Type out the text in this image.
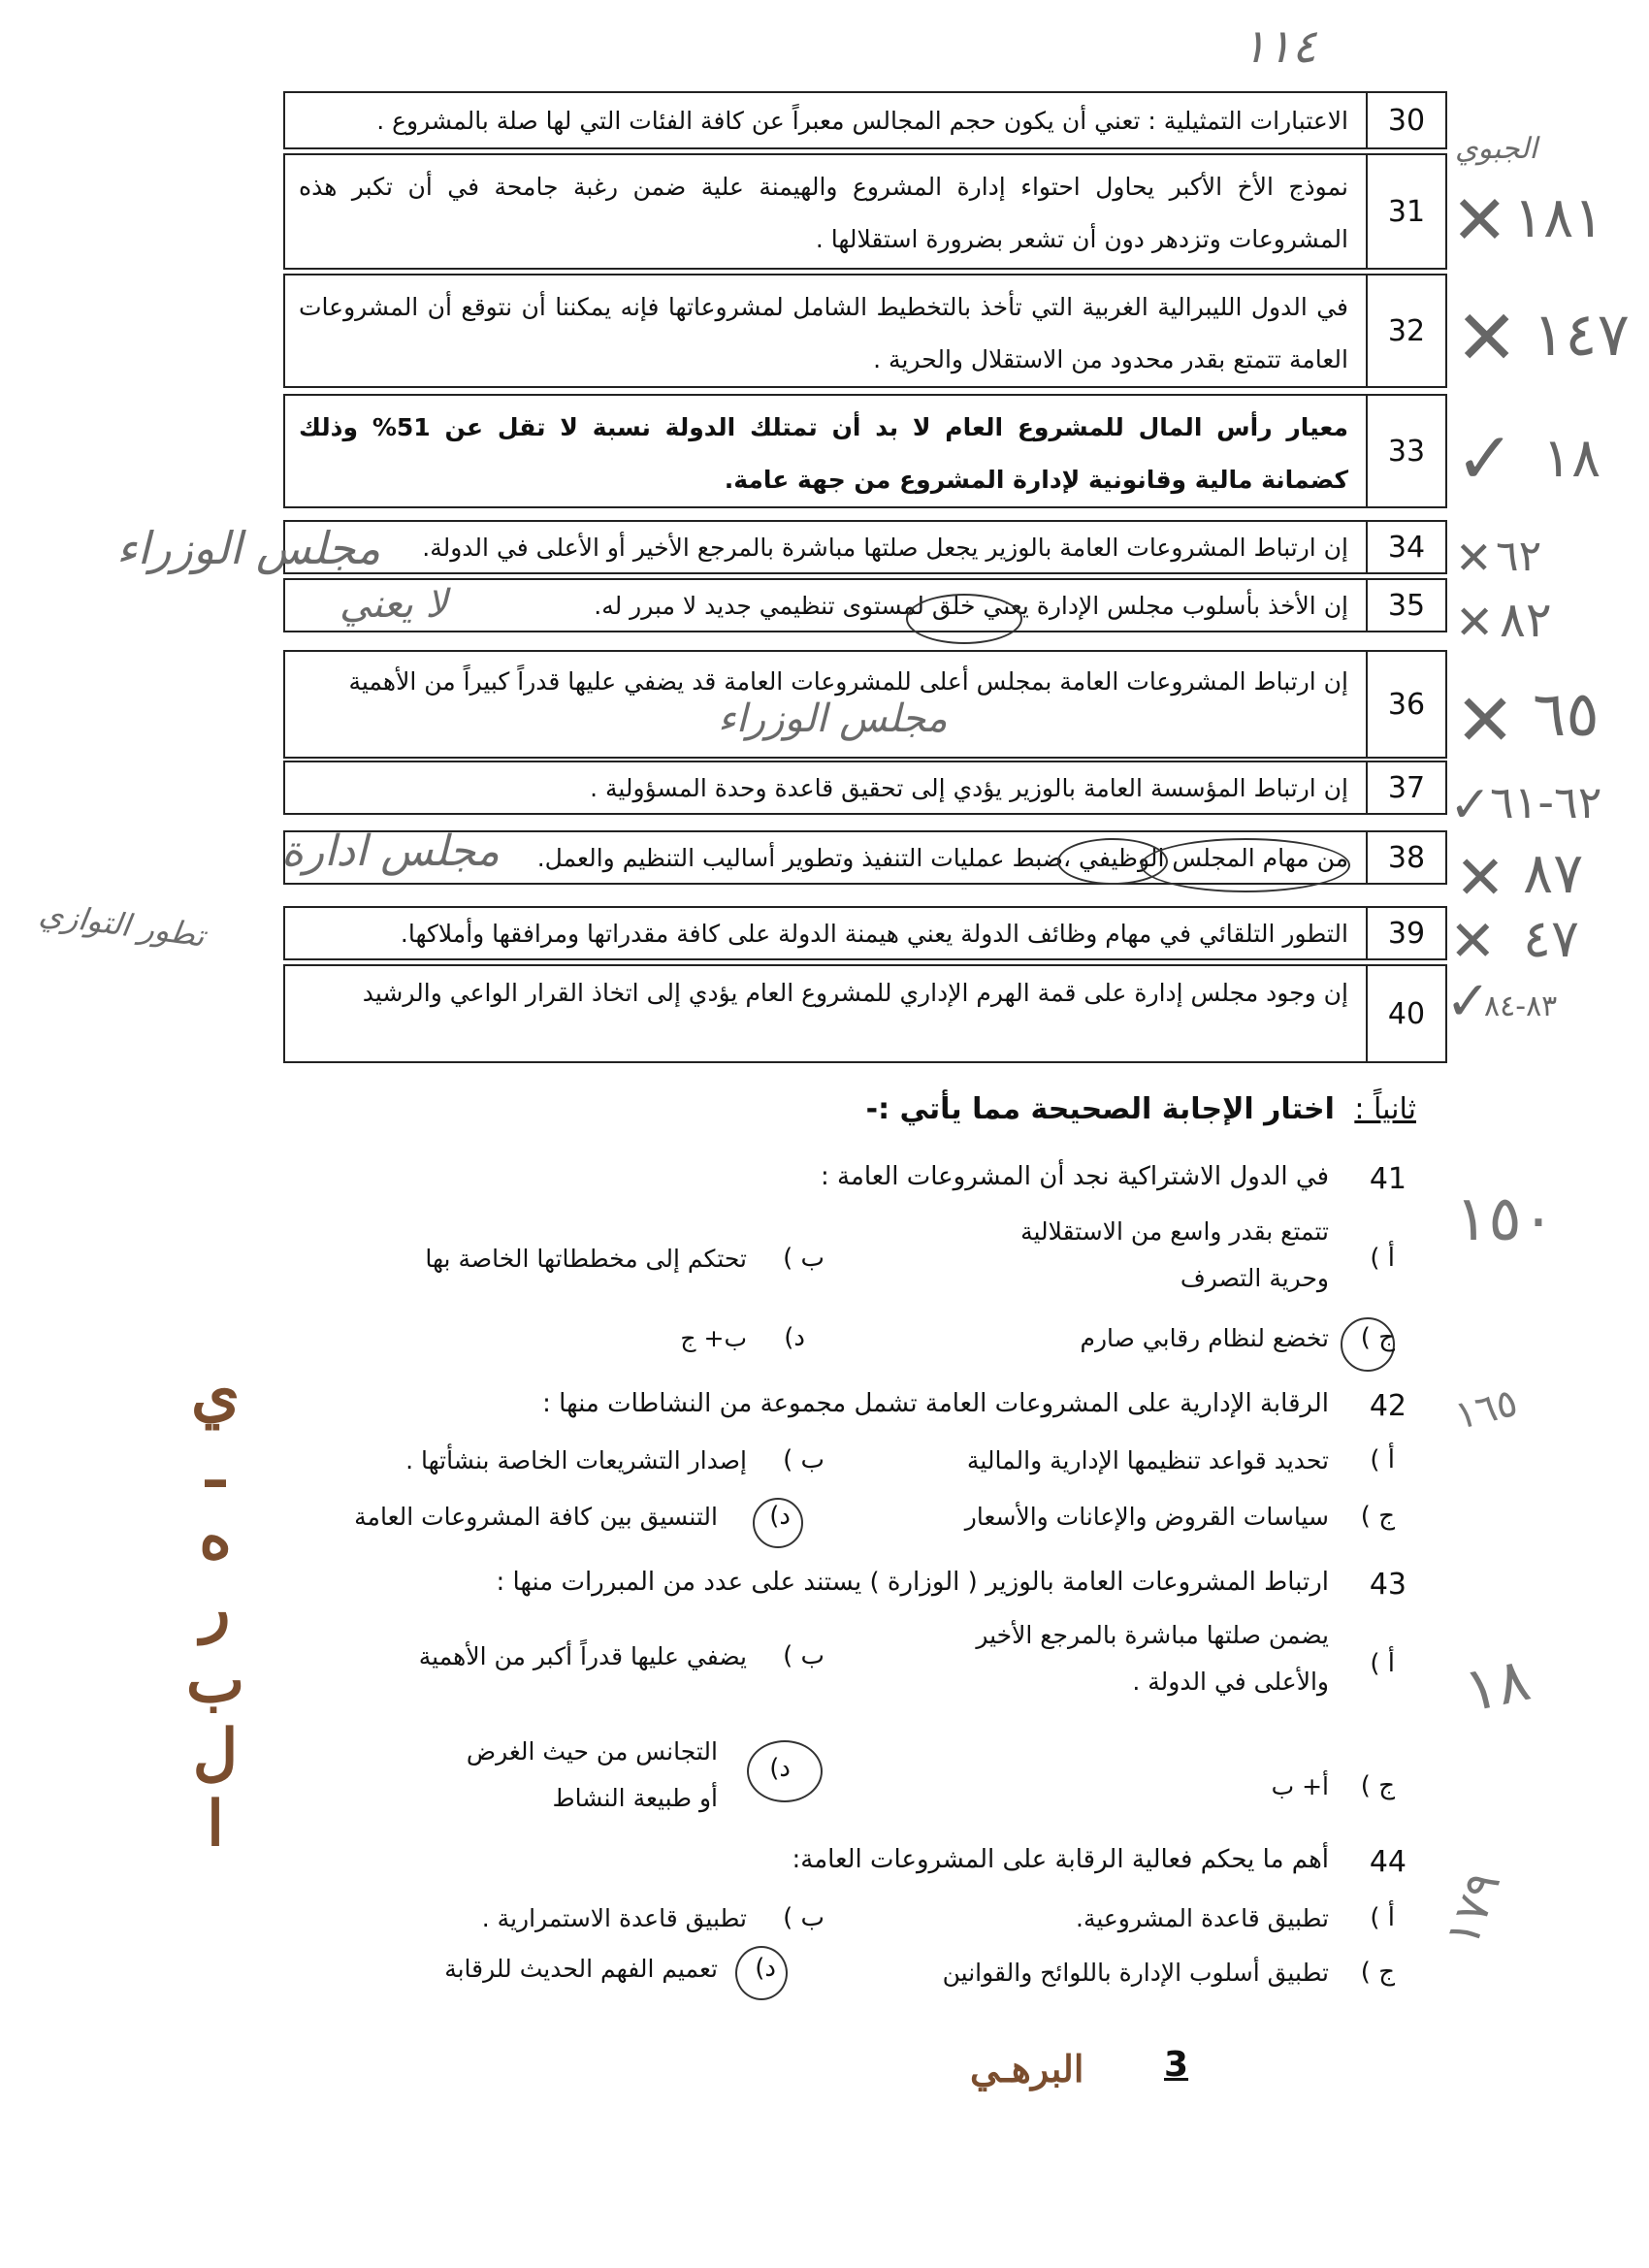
30
الاعتبارات التمثيلية : تعني أن يكون حجم المجالس معبراً عن كافة الفئات التي لها صلة بالمشروع .
31
نموذج الأخ الأكبر يحاول احتواء إدارة المشروع والهيمنة علية ضمن رغبة جامحة في أن تكبر هذه المشروعات وتزدهر دون أن تشعر بضرورة استقلالها .
32
في الدول الليبرالية الغربية التي تأخذ بالتخطيط الشامل لمشروعاتها فإنه يمكننا أن نتوقع أن المشروعات العامة تتمتع بقدر محدود من الاستقلال والحرية .
33
معيار رأس المال للمشروع العام لا بد أن تمتلك الدولة نسبة لا تقل عن 51% وذلك كضمانة مالية وقانونية لإدارة المشروع من جهة عامة.
34
إن ارتباط المشروعات العامة بالوزير يجعل صلتها مباشرة بالمرجع الأخير أو الأعلى في الدولة.
35
إن الأخذ بأسلوب مجلس الإدارة يعني خلق لمستوى تنظيمي جديد لا مبرر له.
36
إن ارتباط المشروعات العامة بمجلس أعلى للمشروعات العامة قد يضفي عليها قدراً كبيراً من الأهمية
37
إن ارتباط المؤسسة العامة بالوزير يؤدي إلى تحقيق قاعدة وحدة المسؤولية .
38
من مهام المجلس الوظيفي ،ضبط عمليات التنفيذ وتطوير أساليب التنظيم والعمل.
39
التطور التلقائي في مهام وظائف الدولة يعني هيمنة الدولة على كافة مقدراتها ومرافقها وأملاكها.
40
إن وجود مجلس إدارة على قمة الهرم الإداري للمشروع العام يؤدي إلى اتخاذ القرار الواعي والرشيد
ثانياً : اختار الإجابة الصحيحة مما يأتي :-
41
في الدول الاشتراكية نجد أن المشروعات العامة :
أ )
تتمتع بقدر واسع من الاستقلالية وحرية التصرف
ب )
تحتكم إلى مخططاتها الخاصة بها
ج )
تخضع لنظام رقابي صارم
د)
ب+ ج
42
الرقابة الإدارية على المشروعات العامة تشمل مجموعة من النشاطات منها :
أ )
تحديد قواعد تنظيمها الإدارية والمالية
ب )
إصدار التشريعات الخاصة بنشأتها .
ج )
سياسات القروض والإعانات والأسعار
د)
التنسيق بين كافة المشروعات العامة
43
ارتباط المشروعات العامة بالوزير ( الوزارة ) يستند على عدد من المبررات منها :
أ )
يضمن صلتها مباشرة بالمرجع الأخير والأعلى في الدولة .
ب )
يضفي عليها قدراً أكبر من الأهمية
ج )
أ+ ب
د)
التجانس من حيث الغرض أو طبيعة النشاط
44
أهم ما يحكم فعالية الرقابة على المشروعات العامة:
أ )
تطبيق قاعدة المشروعية.
ب )
تطبيق قاعدة الاستمرارية .
ج )
تطبيق أسلوب الإدارة باللوائح والقوانين
د)
تعميم الفهم الحديث للرقابة
١١٤
الجبوي
١٨١
✕
✕ ١٤٧
✓ ١٨
مجلس الوزراء	✕ ٦٢
لا يعني	✕ ٨٢
مجلس الوزراء	✕ ٦٥
✓
٦٢-٦١
مجلس ادارة	✕ ٨٧
تطور التوازي	✕ ٤٧
✓
٨٣-٨٤
١٥٠
١٦٥
١٨
١٧٩
البرهـي
3
البرهـي
